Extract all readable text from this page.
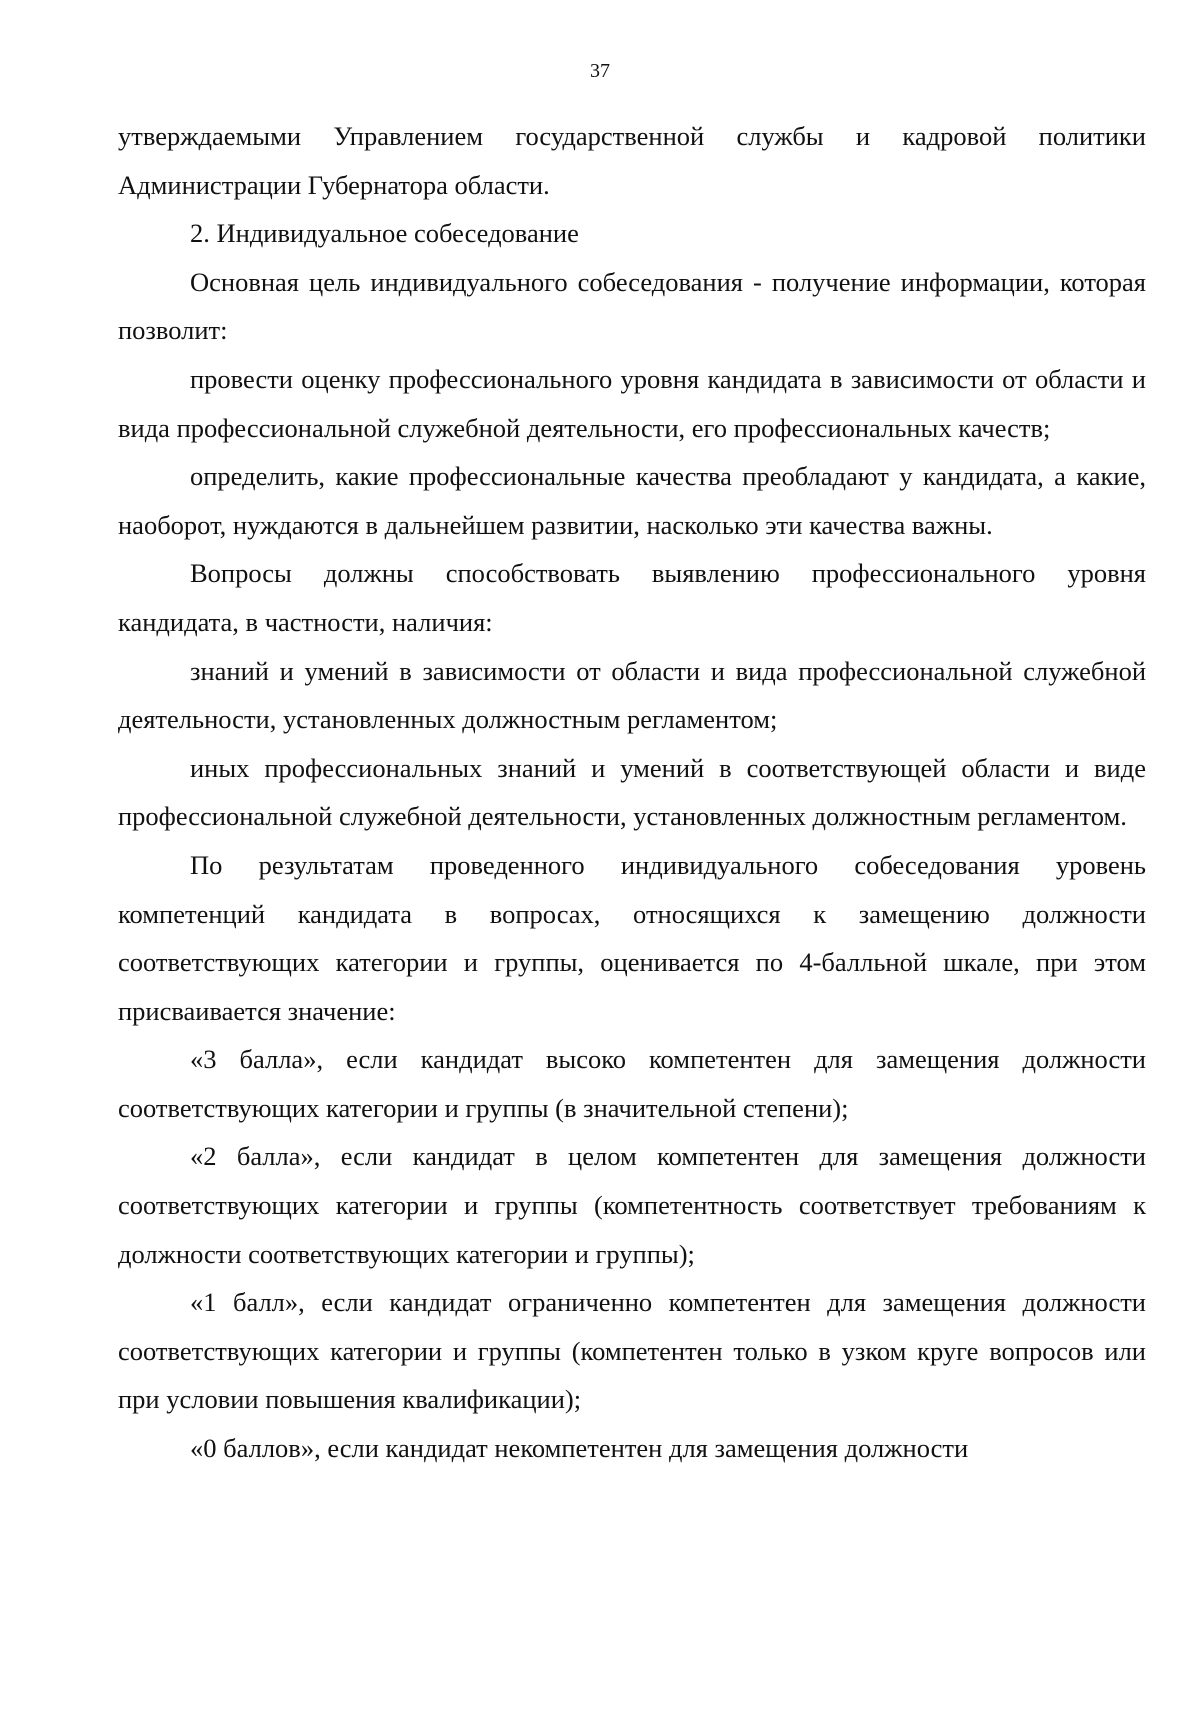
37

утверждаемыми Управлением государственной службы и кадровой политики Администрации Губернатора области.

2. Индивидуальное собеседование

Основная цель индивидуального собеседования - получение информации, которая позволит:

провести оценку профессионального уровня кандидата в зависимости от области и вида профессиональной служебной деятельности, его профессиональных качеств;

определить, какие профессиональные качества преобладают у кандидата, а какие, наоборот, нуждаются в дальнейшем развитии, насколько эти качества важны.

Вопросы должны способствовать выявлению профессионального уровня кандидата, в частности, наличия:

знаний и умений в зависимости от области и вида профессиональной служебной деятельности, установленных должностным регламентом;

иных профессиональных знаний и умений в соответствующей области и виде профессиональной служебной деятельности, установленных должностным регламентом.

По результатам проведенного индивидуального собеседования уровень компетенций кандидата в вопросах, относящихся к замещению должности соответствующих категории и группы, оценивается по 4-балльной шкале, при этом присваивается значение:

«3 балла», если кандидат высоко компетентен для замещения должности соответствующих категории и группы (в значительной степени);

«2 балла», если кандидат в целом компетентен для замещения должности соответствующих категории и группы (компетентность соответствует требованиям к должности соответствующих категории и группы);

«1 балл», если кандидат ограниченно компетентен для замещения должности соответствующих категории и группы (компетентен только в узком круге вопросов или при условии повышения квалификации);

«0 баллов», если кандидат некомпетентен для замещения должности
